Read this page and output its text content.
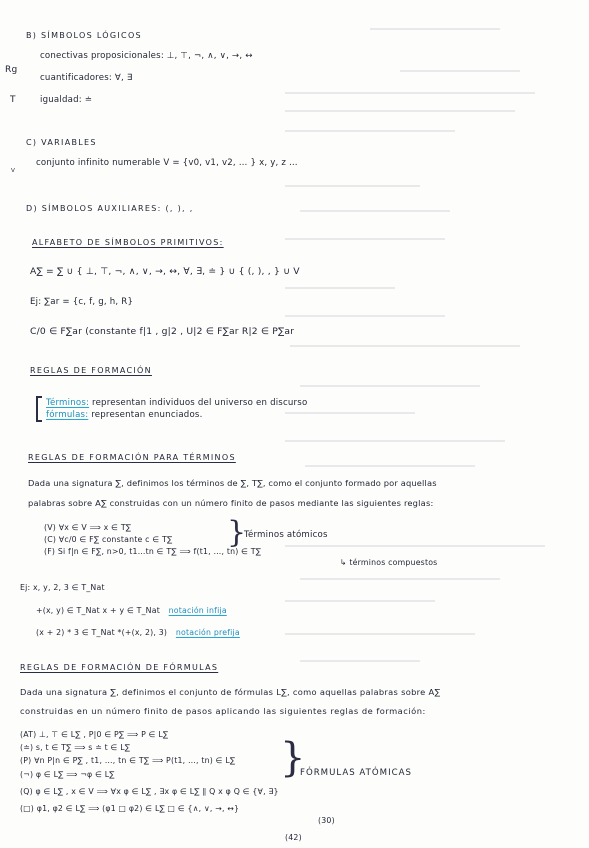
B) SÍMBOLOS LÓGICOS
Rg
T
conectivas proposicionales: ⊥, ⊤, ¬, ∧, ∨, →, ↔
cuantificadores: ∀, ∃
igualdad: ≐
C) VARIABLES
ⱽ
conjunto infinito numerable V = {v0, v1, v2, … } x, y, z …
D) SÍMBOLOS AUXILIARES: (, ), ,
ALFABETO DE SÍMBOLOS PRIMITIVOS:
A∑ = ∑ ∪ { ⊥, ⊤, ¬, ∧, ∨, →, ↔, ∀, ∃, ≐ } ∪ { (, ), , } ∪ V
Ej: ∑ar = {c, f, g, h, R}
C/0 ∈ F∑ar (constante f|1 , g|2 , U|2 ∈ F∑ar R|2 ∈ P∑ar
REGLAS DE FORMACIÓN
Términos: representan individuos del universo en discurso
fórmulas: representan enunciados.
REGLAS DE FORMACIÓN PARA TÉRMINOS
Dada una signatura ∑, definimos los términos de ∑, T∑, como el conjunto formado por aquellas
palabras sobre A∑ construidas con un número finito de pasos mediante las siguientes reglas:
(V) ∀x ∈ V ⟹ x ∈ T∑
(C) ∀c/0 ∈ F∑ constante c ∈ T∑
(F) Si f|n ∈ F∑, n>0, t1…tn ∈ T∑ ⟹ f(t1, …, tn) ∈ T∑
}
Términos atómicos
↳ términos compuestos
Ej: x, y, 2, 3 ∈ T_Nat
+(x, y) ∈ T_Nat x + y ∈ T_Nat notación infija
(x + 2) * 3 ∈ T_Nat *(+(x, 2), 3) notación prefija
REGLAS DE FORMACIÓN DE FÓRMULAS
Dada una signatura ∑, definimos el conjunto de fórmulas L∑, como aquellas palabras sobre A∑
construidas en un número finito de pasos aplicando las siguientes reglas de formación:
(AT) ⊥, ⊤ ∈ L∑ , P|0 ∈ P∑ ⟹ P ∈ L∑
(≐) s, t ∈ T∑ ⟹ s ≐ t ∈ L∑
(P) ∀n P|n ∈ P∑ , t1, …, tn ∈ T∑ ⟹ P(t1, …, tn) ∈ L∑
(¬) φ ∈ L∑ ⟹ ¬φ ∈ L∑
(Q) φ ∈ L∑ , x ∈ V ⟹ ∀x φ ∈ L∑ , ∃x φ ∈ L∑ ∥ Q x φ Q ∈ {∀, ∃}
(□) φ1, φ2 ∈ L∑ ⟹ (φ1 □ φ2) ∈ L∑ □ ∈ {∧, ∨, →, ↔}
}
FÓRMULAS ATÓMICAS
(30)
(42)
